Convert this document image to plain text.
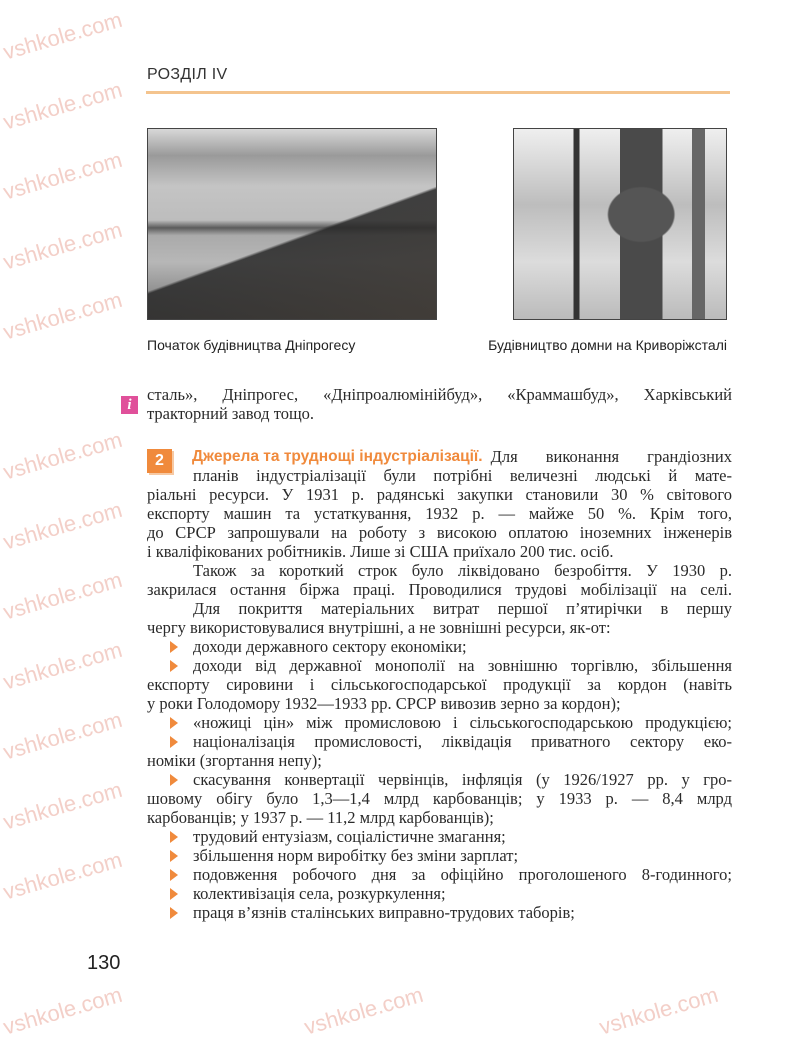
vshkole.com
vshkole.com
vshkole.com
vshkole.com
vshkole.com
vshkole.com
vshkole.com
vshkole.com
vshkole.com
vshkole.com
vshkole.com
vshkole.com
vshkole.com	vshkole.com	vshkole.com
РОЗДІЛ IV
Початок будівництва Дніпрогесу	Будівництво домни на Криворіжсталі
i
2
сталь», Дніпрогес, «Дніпроалюмінійбуд», «Краммашбуд», Харківський
тракторний завод тощо.
Джерела та труднощі індустріалізації. Для виконання грандіозних
планів індустріалізації були потрібні величезні людські й мате-
ріальні ресурси. У 1931 р. радянські закупки становили 30 % світового
експорту машин та устаткування, 1932 р. — майже 50 %. Крім того,
до СРСР запрошували на роботу з високою оплатою іноземних інженерів
і кваліфікованих робітників. Лише зі США приїхало 200 тис. осіб.
Також за короткий строк було ліквідовано безробіття. У 1930 р.
закрилася остання біржа праці. Проводилися трудові мобілізації на селі.
Для покриття матеріальних витрат першої п’ятирічки в першу
чергу використовувалися внутрішні, а не зовнішні ресурси, як-от:
доходи державного сектору економіки;
доходи від державної монополії на зовнішню торгівлю, збільшення
експорту сировини і сільськогосподарської продукції за кордон (навіть
у роки Голодомору 1932—1933 рр. СРСР вивозив зерно за кордон);
«ножиці цін» між промисловою і сільськогосподарською продукцією;
націоналізація промисловості, ліквідація приватного сектору еко-
номіки (згортання непу);
скасування конвертації червінців, інфляція (у 1926/1927 рр. у гро-
шовому обігу було 1,3—1,4 млрд карбованців; у 1933 р. — 8,4 млрд
карбованців; у 1937 р. — 11,2 млрд карбованців);
трудовий ентузіазм, соціалістичне змагання;
збільшення норм виробітку без зміни зарплат;
подовження робочого дня за офіційно проголошеного 8-годинного;
колективізація села, розкуркулення;
праця в’язнів сталінських виправно-трудових таборів;
130
